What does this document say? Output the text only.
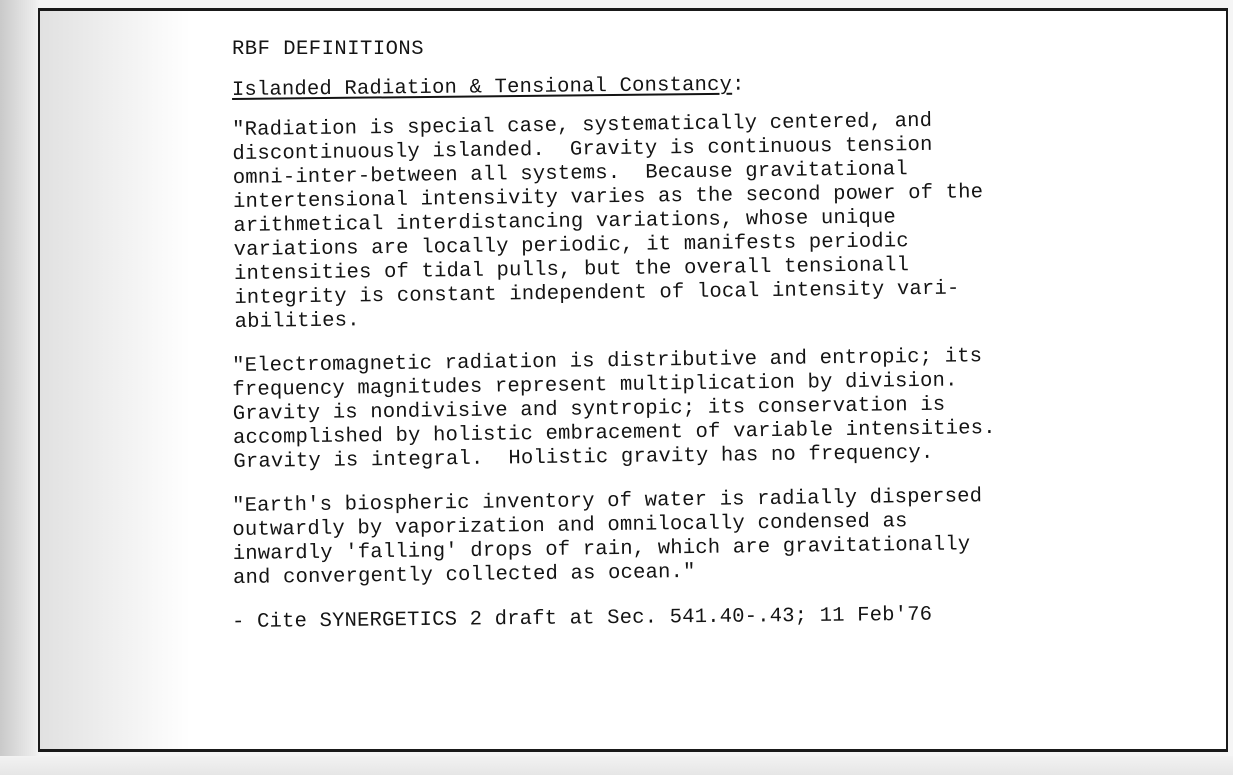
RBF DEFINITIONS
Islanded Radiation & Tensional Constancy:
"Radiation is special case, systematically centered, and
discontinuously islanded.  Gravity is continuous tension
omni-inter-between all systems.  Because gravitational
intertensional intensivity varies as the second power of the
arithmetical interdistancing variations, whose unique
variations are locally periodic, it manifests periodic
intensities of tidal pulls, but the overall tensionall
integrity is constant independent of local intensity vari-
abilities.
"Electromagnetic radiation is distributive and entropic; its
frequency magnitudes represent multiplication by division.
Gravity is nondivisive and syntropic; its conservation is
accomplished by holistic embracement of variable intensities.
Gravity is integral.  Holistic gravity has no frequency.
"Earth's biospheric inventory of water is radially dispersed
outwardly by vaporization and omnilocally condensed as
inwardly 'falling' drops of rain, which are gravitationally
and convergently collected as ocean."
- Cite SYNERGETICS 2 draft at Sec. 541.40-.43; 11 Feb'76
